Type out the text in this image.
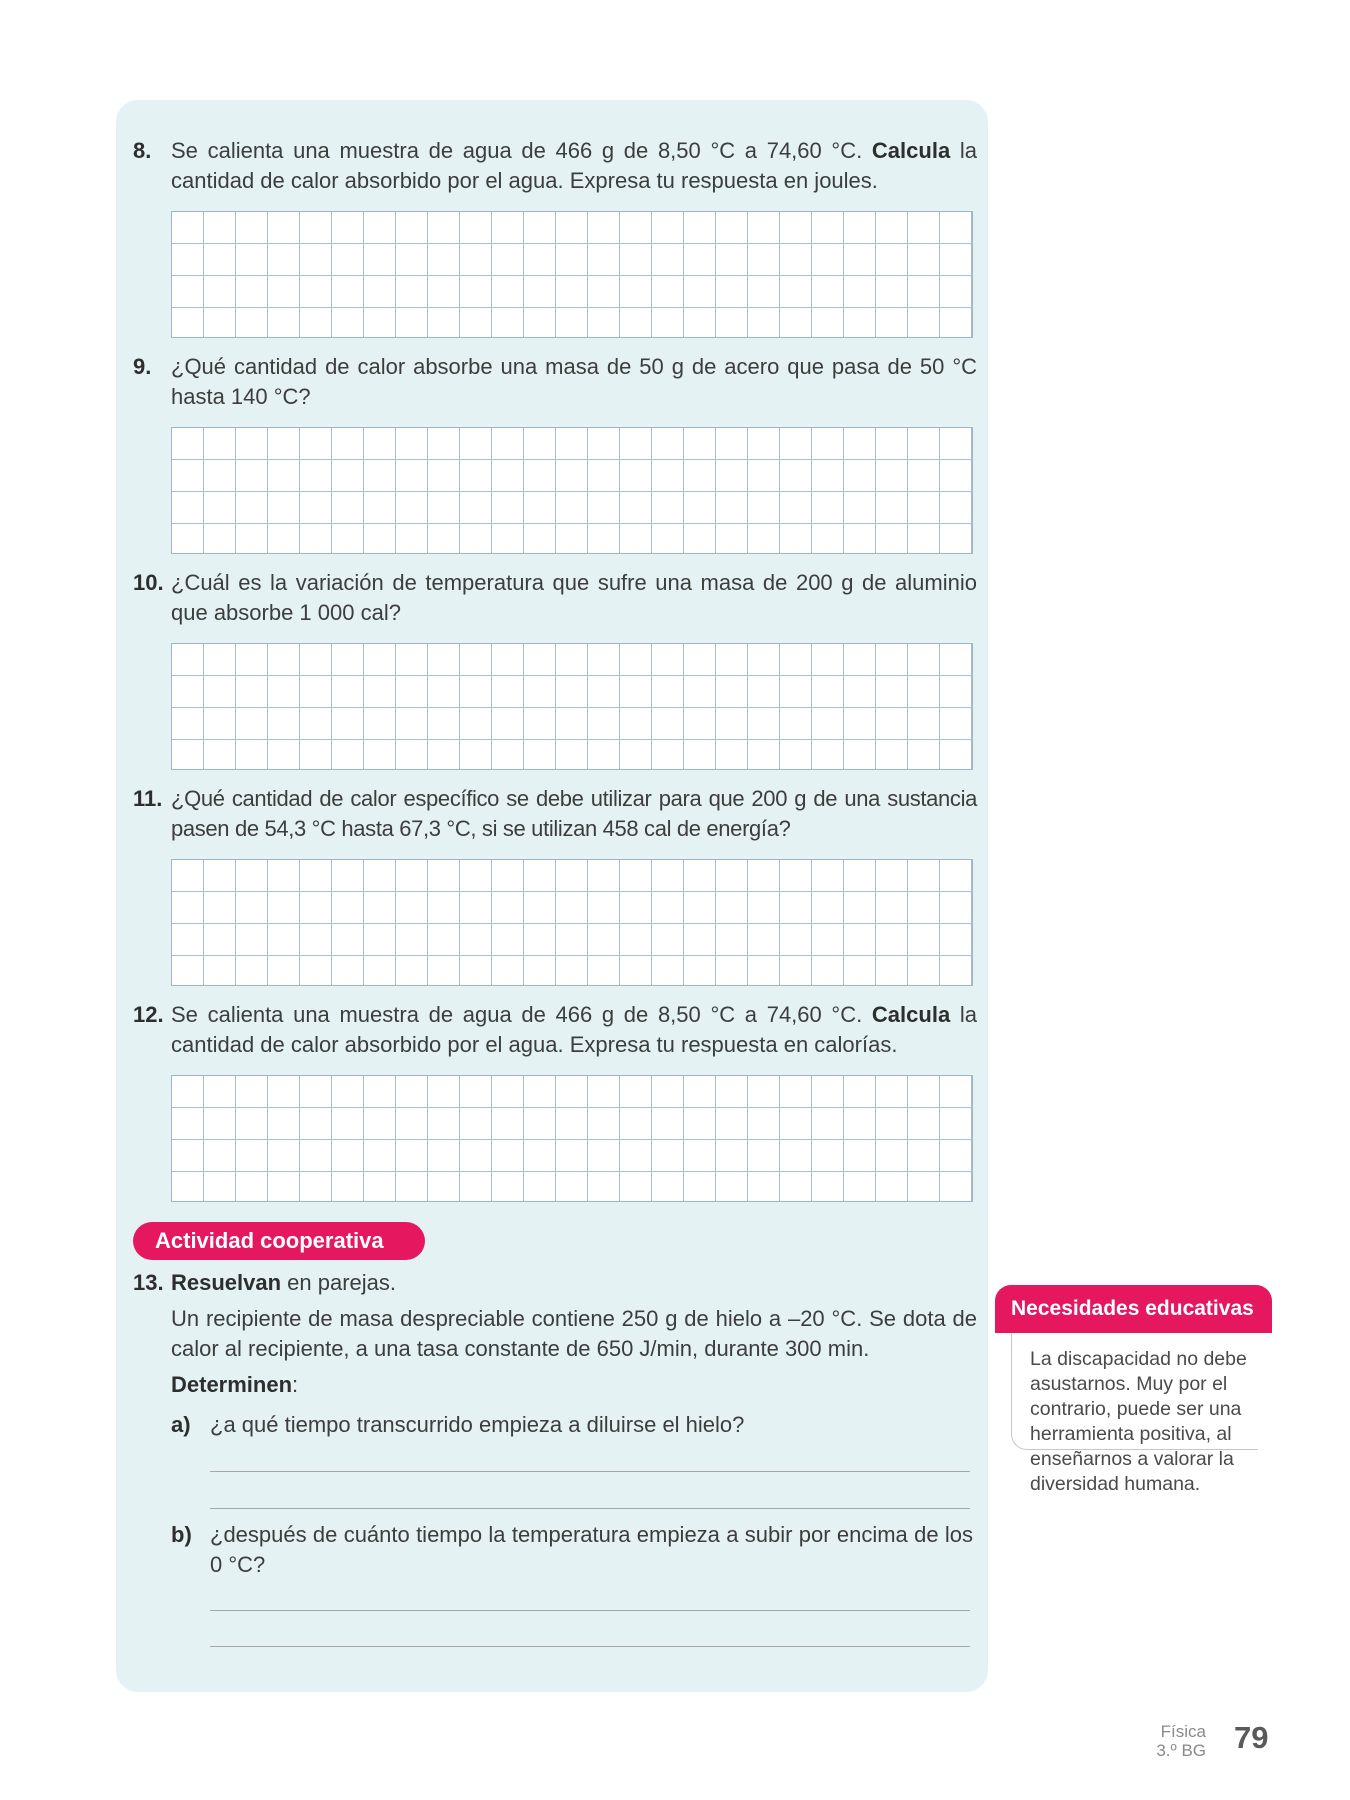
8. Se calienta una muestra de agua de 466 g de 8,50 °C a 74,60 °C. Calcula la cantidad de calor absorbido por el agua. Expresa tu respuesta en joules.
9. ¿Qué cantidad de calor absorbe una masa de 50 g de acero que pasa de 50 °C hasta 140 °C?
10. ¿Cuál es la variación de temperatura que sufre una masa de 200 g de aluminio que absorbe 1 000 cal?
11. ¿Qué cantidad de calor específico se debe utilizar para que 200 g de una sustancia pasen de 54,3 °C hasta 67,3 °C, si se utilizan 458 cal de energía?
12. Se calienta una muestra de agua de 466 g de 8,50 °C a 74,60 °C. Calcula la cantidad de calor absorbido por el agua. Expresa tu respuesta en calorías.
Actividad cooperativa
13. Resuelvan en parejas.
Un recipiente de masa despreciable contiene 250 g de hielo a –20 °C. Se dota de calor al recipiente, a una tasa constante de 650 J/min, durante 300 min.
Determinen:
a) ¿a qué tiempo transcurrido empieza a diluirse el hielo?
b) ¿después de cuánto tiempo la temperatura empieza a subir por encima de los 0 °C?
Necesidades educativas
La discapacidad no debe asustarnos. Muy por el contrario, puede ser una herramienta positiva, al enseñarnos a valorar la diversidad humana.
Física
3.º BG 79
